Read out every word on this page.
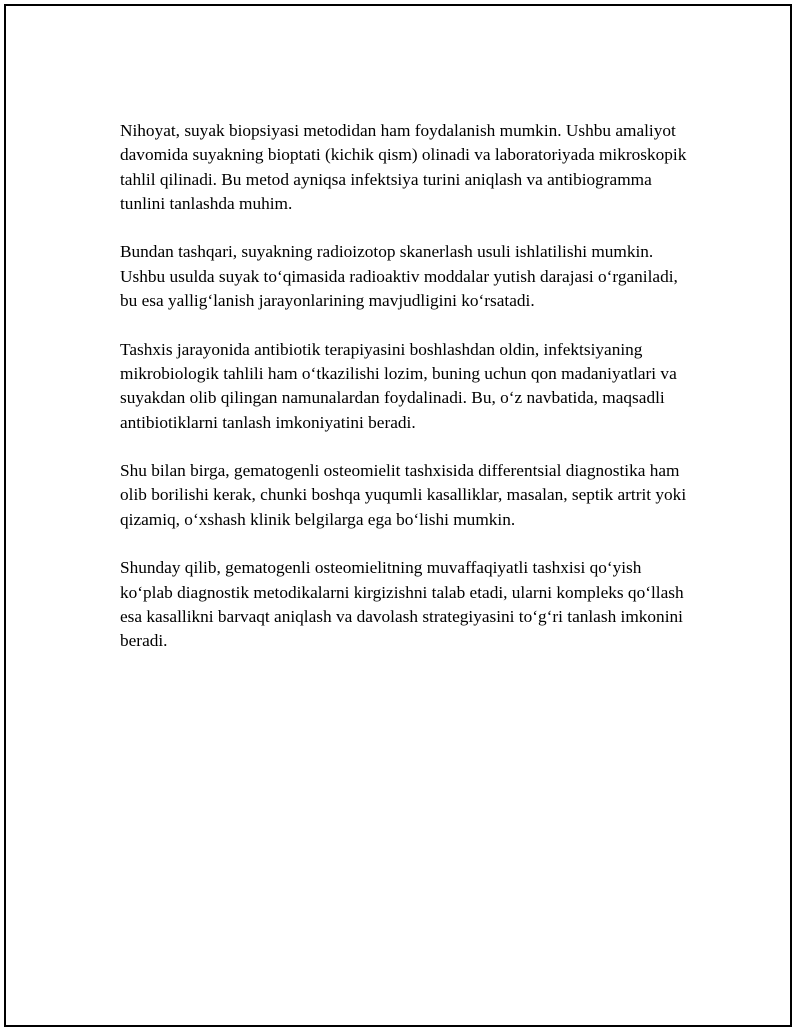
Nihoyat, suyak biopsiyasi metodidan ham foydalanish mumkin. Ushbu amaliyot davomida suyakning bioptati (kichik qism) olinadi va laboratoriyada mikroskopik tahlil qilinadi. Bu metod ayniqsa infektsiya turini aniqlash va antibiogramma tunlini tanlashda muhim.

Bundan tashqari, suyakning radioizotop skanerlash usuli ishlatilishi mumkin. Ushbu usulda suyak to‘qimasida radioaktiv moddalar yutish darajasi o‘rganiladi, bu esa yallig‘lanish jarayonlarining mavjudligini ko‘rsatadi.

Tashxis jarayonida antibiotik terapiyasini boshlashdan oldin, infektsiyaning mikrobiologik tahlili ham o‘tkazilishi lozim, buning uchun qon madaniyatlari va suyakdan olib qilingan namunalardan foydalinadi. Bu, o‘z navbatida, maqsadli antibiotiklarni tanlash imkoniyatini beradi.

Shu bilan birga, gematogenli osteomielit tashxisida differentsial diagnostika ham olib borilishi kerak, chunki boshqa yuqumli kasalliklar, masalan, septik artrit yoki qizamiq, o‘xshash klinik belgilarga ega bo‘lishi mumkin.

Shunday qilib, gematogenli osteomielitning muvaffaqiyatli tashxisi qo‘yish ko‘plab diagnostik metodikalarni kirgizishni talab etadi, ularni kompleks qo‘llash esa kasallikni barvaqt aniqlash va davolash strategiyasini to‘g‘ri tanlash imkonini beradi.
